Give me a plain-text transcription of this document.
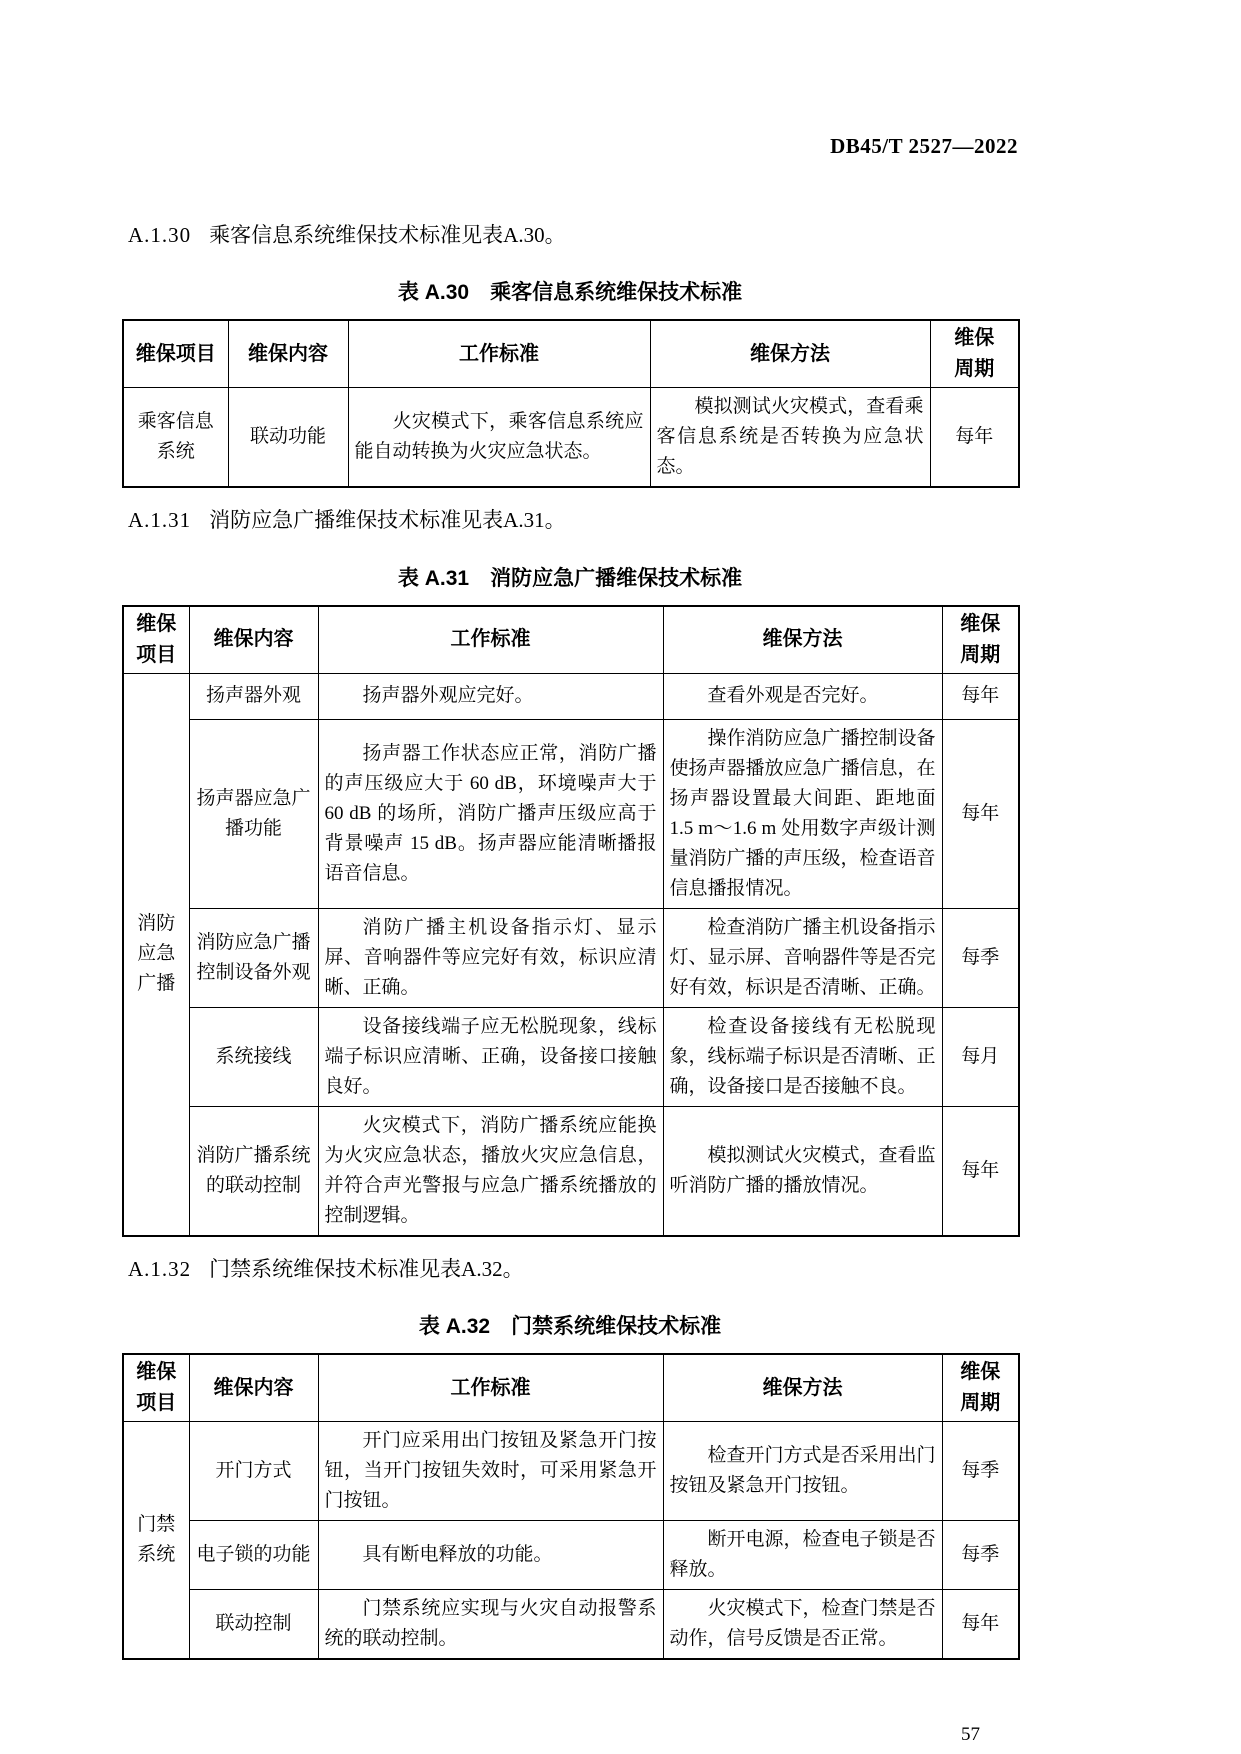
DB45/T 2527—2022

A.1.30 乘客信息系统维保技术标准见表A.30。

表 A.30　乘客信息系统维保技术标准

维保项目	维保内容	工作标准	维保方法	维保
周期
乘客信息
系统	联动功能	火灾模式下，乘客信息系统应能自动转换为火灾应急状态。	模拟测试火灾模式，查看乘客信息系统是否转换为应急状态。	每年

A.1.31 消防应急广播维保技术标准见表A.31。

表 A.31　消防应急广播维保技术标准

维保
项目	维保内容	工作标准	维保方法	维保
周期
消防
应急
广播	扬声器外观	扬声器外观应完好。	查看外观是否完好。	每年
	扬声器应急广播功能	扬声器工作状态应正常，消防广播的声压级应大于 60 dB，环境噪声大于 60 dB 的场所，消防广播声压级应高于背景噪声 15 dB。扬声器应能清晰播报语音信息。	操作消防应急广播控制设备使扬声器播放应急广播信息，在扬声器设置最大间距、距地面 1.5 m～1.6 m 处用数字声级计测量消防广播的声压级，检查语音信息播报情况。	每年
	消防应急广播控制设备外观	消防广播主机设备指示灯、显示屏、音响器件等应完好有效，标识应清晰、正确。	检查消防广播主机设备指示灯、显示屏、音响器件等是否完好有效，标识是否清晰、正确。	每季
	系统接线	设备接线端子应无松脱现象，线标端子标识应清晰、正确，设备接口接触良好。	检查设备接线有无松脱现象，线标端子标识是否清晰、正确，设备接口是否接触不良。	每月
	消防广播系统的联动控制	火灾模式下，消防广播系统应能换为火灾应急状态，播放火灾应急信息，并符合声光警报与应急广播系统播放的控制逻辑。	模拟测试火灾模式，查看监听消防广播的播放情况。	每年

A.1.32 门禁系统维保技术标准见表A.32。

表 A.32　门禁系统维保技术标准

维保
项目	维保内容	工作标准	维保方法	维保
周期
门禁
系统	开门方式	开门应采用出门按钮及紧急开门按钮，当开门按钮失效时，可采用紧急开门按钮。	检查开门方式是否采用出门按钮及紧急开门按钮。	每季
	电子锁的功能	具有断电释放的功能。	断开电源，检查电子锁是否释放。	每季
	联动控制	门禁系统应实现与火灾自动报警系统的联动控制。	火灾模式下，检查门禁是否动作，信号反馈是否正常。	每年
57
